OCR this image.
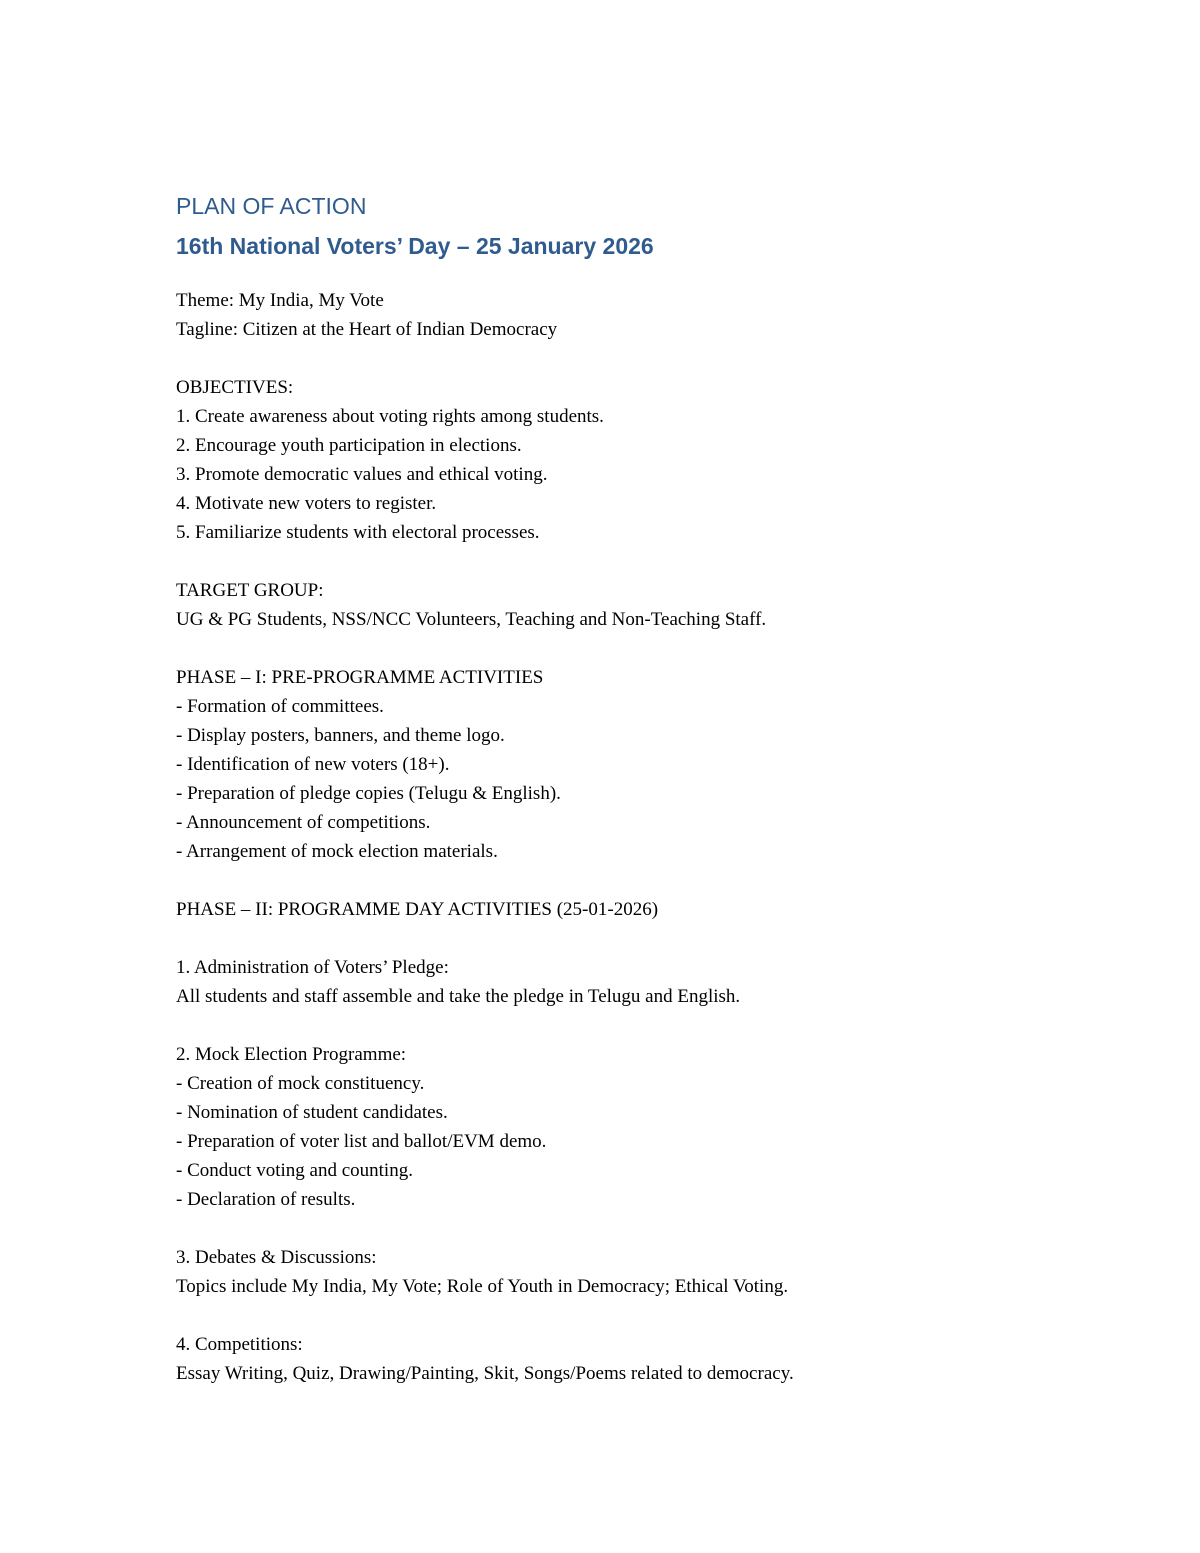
PLAN OF ACTION
16th National Voters’ Day – 25 January 2026
Theme: My India, My Vote
Tagline: Citizen at the Heart of Indian Democracy
OBJECTIVES:
1. Create awareness about voting rights among students.
2. Encourage youth participation in elections.
3. Promote democratic values and ethical voting.
4. Motivate new voters to register.
5. Familiarize students with electoral processes.
TARGET GROUP:
UG & PG Students, NSS/NCC Volunteers, Teaching and Non-Teaching Staff.
PHASE – I: PRE-PROGRAMME ACTIVITIES
- Formation of committees.
- Display posters, banners, and theme logo.
- Identification of new voters (18+).
- Preparation of pledge copies (Telugu & English).
- Announcement of competitions.
- Arrangement of mock election materials.
PHASE – II: PROGRAMME DAY ACTIVITIES (25-01-2026)
1. Administration of Voters’ Pledge:
All students and staff assemble and take the pledge in Telugu and English.
2. Mock Election Programme:
- Creation of mock constituency.
- Nomination of student candidates.
- Preparation of voter list and ballot/EVM demo.
- Conduct voting and counting.
- Declaration of results.
3. Debates & Discussions:
Topics include My India, My Vote; Role of Youth in Democracy; Ethical Voting.
4. Competitions:
Essay Writing, Quiz, Drawing/Painting, Skit, Songs/Poems related to democracy.
